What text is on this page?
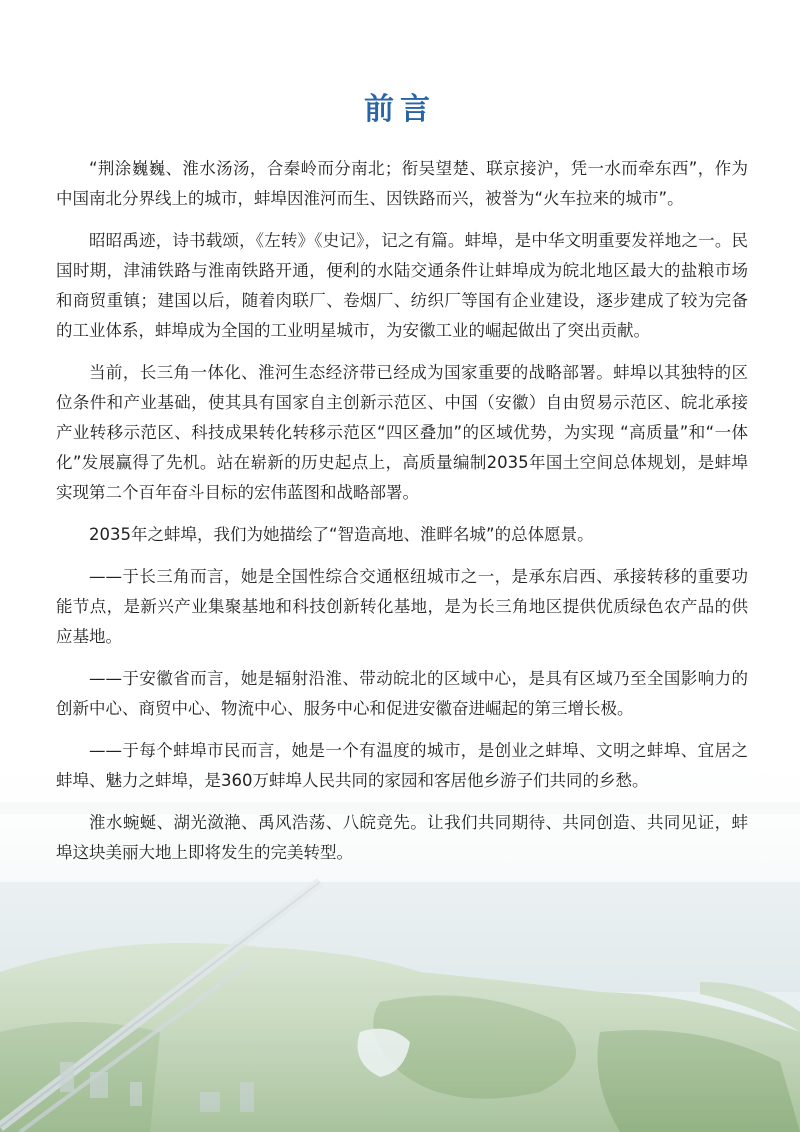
前言

“荆涂巍巍、淮水汤汤，合秦岭而分南北；衔吴望楚、联京接沪，凭一水而牵东西”，作为中国南北分界线上的城市，蚌埠因淮河而生、因铁路而兴，被誉为“火车拉来的城市”。

昭昭禹迹，诗书载颂，《左转》《史记》，记之有篇。蚌埠，是中华文明重要发祥地之一。民国时期，津浦铁路与淮南铁路开通，便利的水陆交通条件让蚌埠成为皖北地区最大的盐粮市场和商贸重镇；建国以后，随着肉联厂、卷烟厂、纺织厂等国有企业建设，逐步建成了较为完备的工业体系，蚌埠成为全国的工业明星城市，为安徽工业的崛起做出了突出贡献。

当前，长三角一体化、淮河生态经济带已经成为国家重要的战略部署。蚌埠以其独特的区位条件和产业基础，使其具有国家自主创新示范区、中国（安徽）自由贸易示范区、皖北承接产业转移示范区、科技成果转化转移示范区“四区叠加”的区域优势，为实现 “高质量”和“一体化”发展赢得了先机。站在崭新的历史起点上，高质量编制2035年国土空间总体规划，是蚌埠实现第二个百年奋斗目标的宏伟蓝图和战略部署。

2035年之蚌埠，我们为她描绘了“智造高地、淮畔名城”的总体愿景。

——于长三角而言，她是全国性综合交通枢纽城市之一，是承东启西、承接转移的重要功能节点，是新兴产业集聚基地和科技创新转化基地，是为长三角地区提供优质绿色农产品的供应基地。

——于安徽省而言，她是辐射沿淮、带动皖北的区域中心，是具有区域乃至全国影响力的创新中心、商贸中心、物流中心、服务中心和促进安徽奋进崛起的第三增长极。

——于每个蚌埠市民而言，她是一个有温度的城市，是创业之蚌埠、文明之蚌埠、宜居之蚌埠、魅力之蚌埠，是360万蚌埠人民共同的家园和客居他乡游子们共同的乡愁。

淮水蜿蜒、湖光潋滟、禹风浩荡、八皖竞先。让我们共同期待、共同创造、共同见证，蚌埠这块美丽大地上即将发生的完美转型。
